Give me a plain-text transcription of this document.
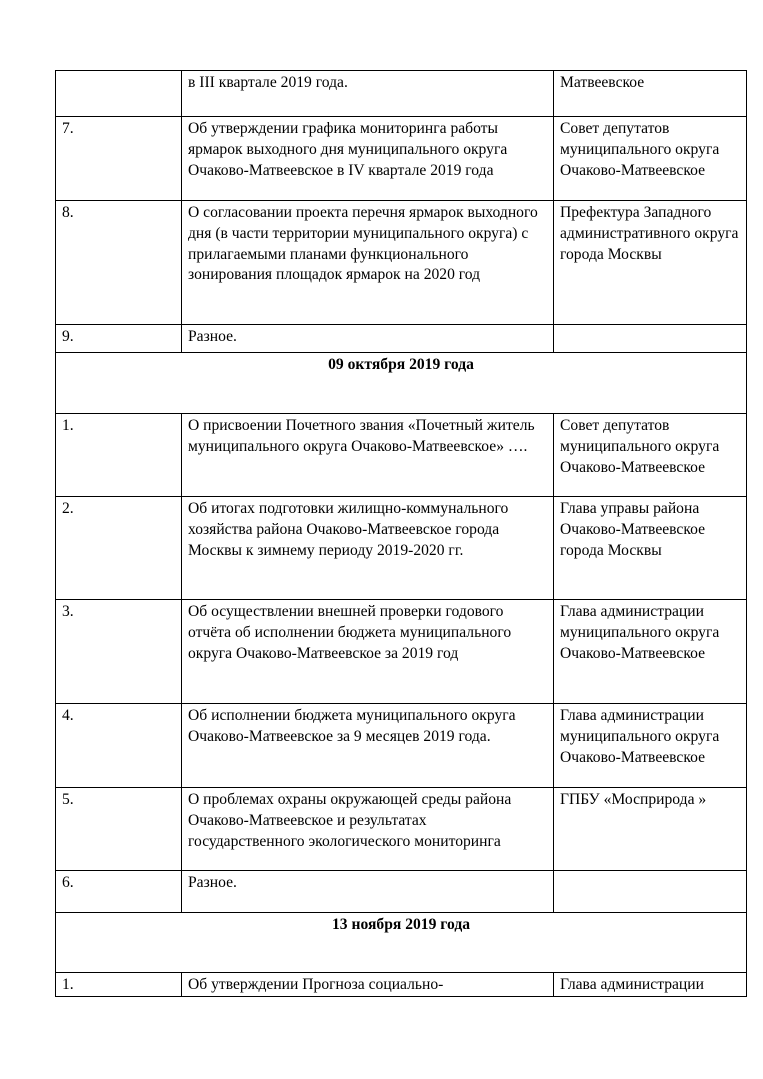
	в III квартале 2019 года.	Матвеевское
7.	Об утверждении графика мониторинга работы ярмарок выходного дня муниципального округа Очаково-Матвеевское в IV квартале 2019 года	Совет депутатов муниципального округа Очаково-Матвеевское
8.	О согласовании проекта перечня ярмарок выходного дня (в части территории муниципального округа) с прилагаемыми планами функционального зонирования площадок ярмарок на 2020 год	Префектура Западного административного округа города Москвы
9.	Разное.	
09 октября 2019 года		
1.	О присвоении Почетного звания «Почетный житель муниципального округа Очаково-Матвеевское» ….	Совет депутатов муниципального округа Очаково-Матвеевское
2.	Об итогах подготовки жилищно-коммунального хозяйства района Очаково-Матвеевское города Москвы к зимнему периоду 2019-2020 гг.	Глава управы района Очаково-Матвеевское города Москвы
3.	Об осуществлении внешней проверки годового отчёта об исполнении бюджета муниципального округа Очаково-Матвеевское за 2019 год	Глава администрации муниципального округа Очаково-Матвеевское
4.	Об исполнении бюджета муниципального округа Очаково-Матвеевское за 9 месяцев 2019 года.	Глава администрации муниципального округа Очаково-Матвеевское
5.	О проблемах охраны окружающей среды района Очаково-Матвеевское и результатах государственного экологического мониторинга	ГПБУ «Мосприрода »
6.	Разное.	
13 ноября 2019 года		
1.	Об утверждении Прогноза социально-	Глава администрации
